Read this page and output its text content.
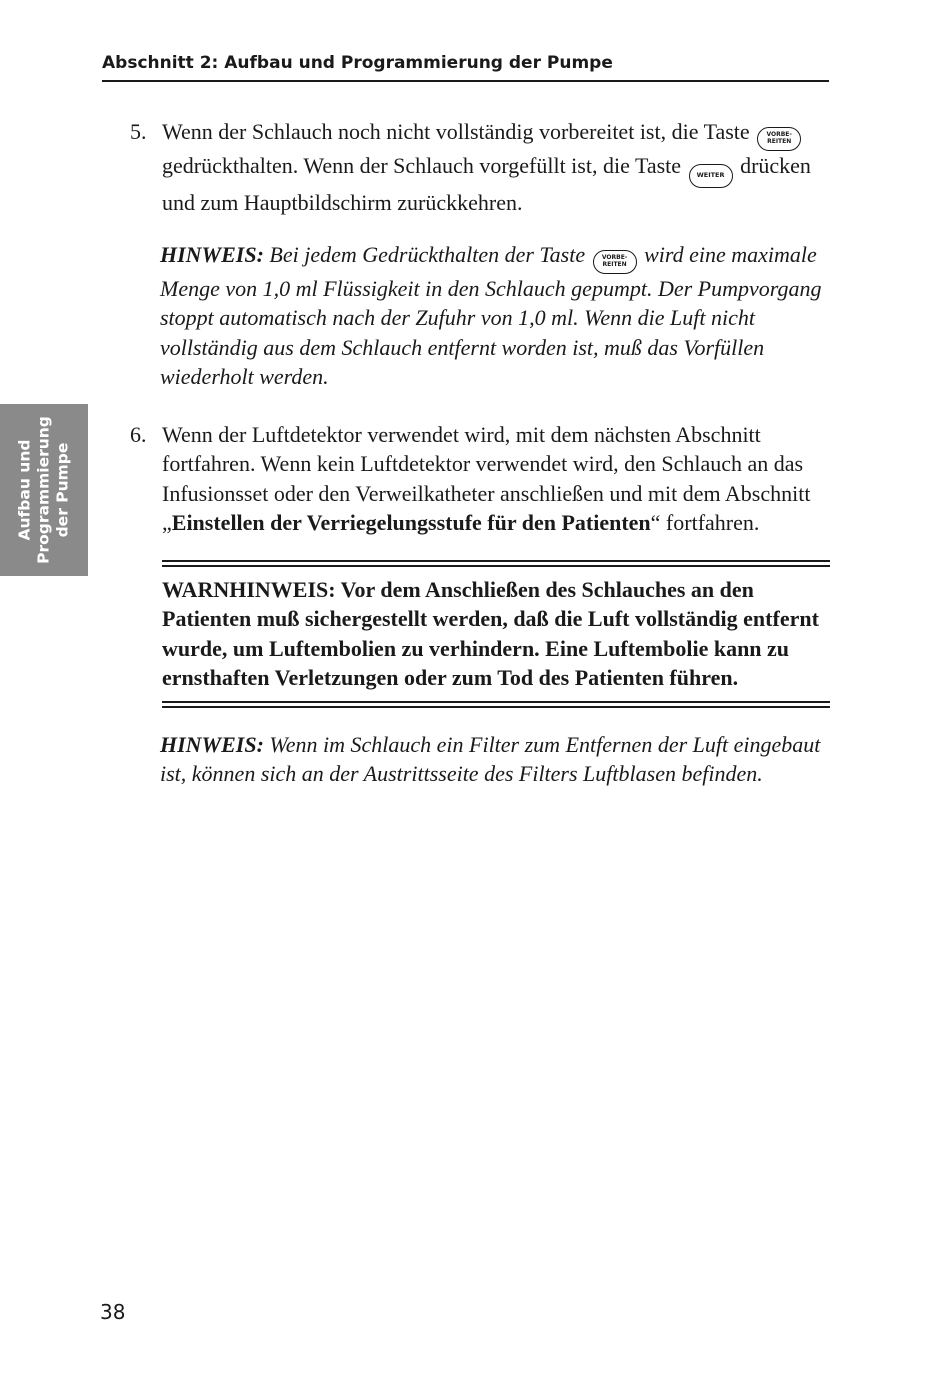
Abschnitt 2: Aufbau und Programmierung der Pumpe
Aufbau und Programmierung der Pumpe
5. Wenn der Schlauch noch nicht vollständig vorbereitet ist, die Taste	VORBE-
REITEN
gedrückthalten. Wenn der Schlauch vorgefüllt ist, die Taste	WEITER drücken und zum Hauptbildschirm zurückkehren.
HINWEIS: Bei jedem Gedrückthalten der Taste	VORBE-
REITEN wird eine maximale Menge von 1,0 ml Flüssigkeit in den Schlauch gepumpt. Der Pumpvorgang stoppt automatisch nach der Zufuhr von 1,0 ml. Wenn die Luft nicht vollständig aus dem Schlauch entfernt worden ist, muß das Vorfüllen wiederholt werden.
6. Wenn der Luftdetektor verwendet wird, mit dem nächsten Abschnitt fortfahren. Wenn kein Luftdetektor verwendet wird, den Schlauch an das Infusionsset oder den Verweilkatheter anschließen und mit dem Abschnitt „Einstellen der Verriegelungsstufe für den Patienten“ fortfahren.
WARNHINWEIS: Vor dem Anschließen des Schlauches an den Patienten muß sichergestellt werden, daß die Luft vollständig entfernt wurde, um Luftembolien zu verhindern. Eine Luftembolie kann zu ernsthaften Verletzungen oder zum Tod des Patienten führen.
HINWEIS: Wenn im Schlauch ein Filter zum Entfernen der Luft eingebaut ist, können sich an der Austrittsseite des Filters Luftblasen befinden.
38
